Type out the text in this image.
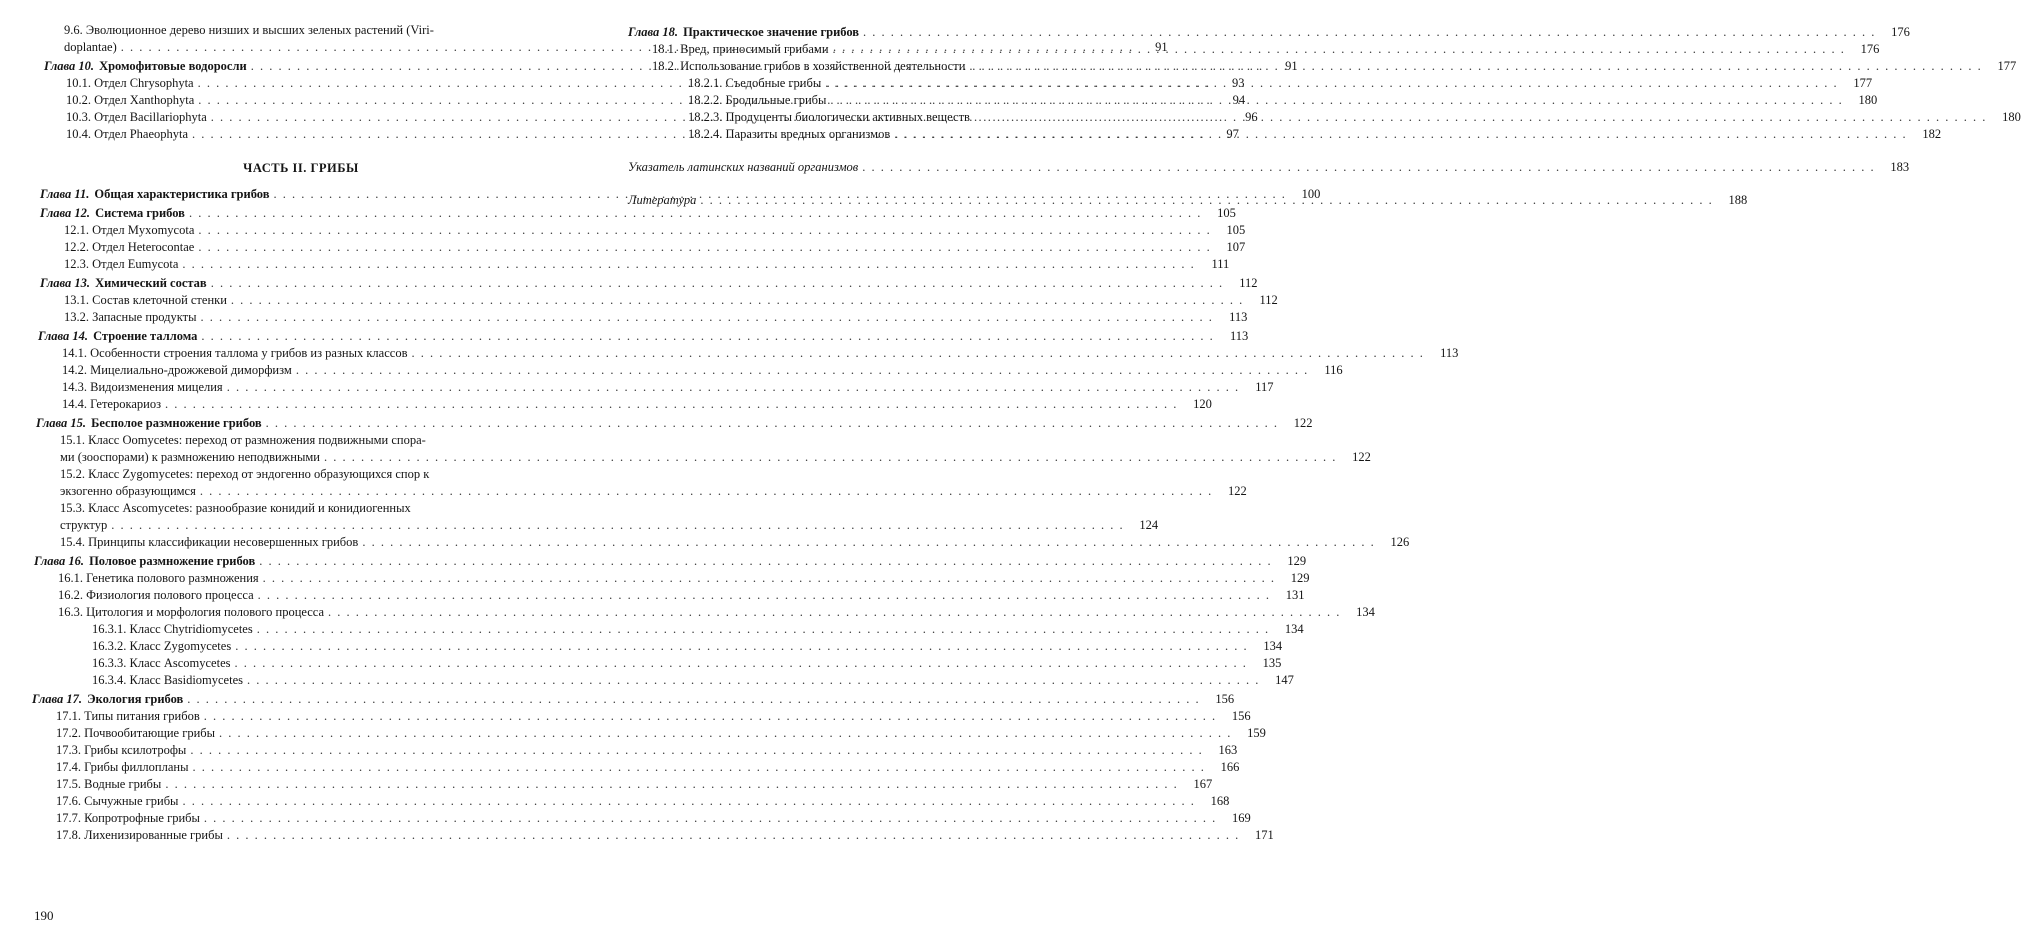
9.6. Эволюционное дерево низших и высших зеленых растений (Viri-
doplantae)
. . .	91
Глава 10. Хромофитовые водоросли
. . .	91
10.1. Отдел Chrysophyta
. . .	93
10.2. Отдел Xanthophyta
. . .	94
10.3. Отдел Bacillariophyta
. . .	96
10.4. Отдел Phaeophyta
. . .	97
ЧАСТЬ II. ГРИБЫ
Глава 11. Общая характеристика грибов
. . .	100
Глава 12. Система грибов
. . .	105
12.1. Отдел Myxomycota
. . .	105
12.2. Отдел Heterocontae
. . .	107
12.3. Отдел Eumycota
. . .	111
Глава 13. Химический состав
. . .	112
13.1. Состав клеточной стенки
. . .	112
13.2. Запасные продукты
. . .	113
Глава 14. Строение таллома
. . .	113
14.1. Особенности строения таллома у грибов из разных классов
. . .	113
14.2. Мицелиально-дрожжевой диморфизм
. . .	116
14.3. Видоизменения мицелия
. . .	117
14.4. Гетерокариоз
. . .	120
Глава 15. Бесполое размножение грибов
. . .	122
15.1. Класс Oomycetes: переход от размножения подвижными спора-
ми (зооспорами) к размножению неподвижными
. . .	122
15.2. Класс Zygomycetes: переход от эндогенно образующихся спор к
экзогенно образующимся
. . .	122
15.3. Класс Ascomycetes: разнообразие конидий и конидиогенных
структур
. . .	124
15.4. Принципы классификации несовершенных грибов
. . .	126
Глава 16. Половое размножение грибов
. . .	129
16.1. Генетика полового размножения
. . .	129
16.2. Физиология полового процесса
. . .	131
16.3. Цитология и морфология полового процесса
. . .	134
16.3.1. Класс Chytridiomycetes
. . .	134
16.3.2. Класс Zygomycetes
. . .	134
16.3.3. Класс Ascomycetes
. . .	135
16.3.4. Класс Basidiomycetes
. . .	147
Глава 17. Экология грибов
. . .	156
17.1. Типы питания грибов
. . .	156
17.2. Почвообитающие грибы
. . .	159
17.3. Грибы ксилотрофы
. . .	163
17.4. Грибы филлопланы
. . .	166
17.5. Водные грибы
. . .	167
17.6. Сычужные грибы
. . .	168
17.7. Копротрофные грибы
. . .	169
17.8. Лихенизированные грибы
. . .	171
Глава 18. Практическое значение грибов
. . .	176
18.1. Вред, приносимый грибами
. . .	176
18.2. Использование грибов в хозяйственной деятельности
. . .	177
18.2.1. Съедобные грибы
. . .	177
18.2.2. Бродильные грибы
. . .	180
18.2.3. Продуценты биологически активных веществ
. . .	180
18.2.4. Паразиты вредных организмов
. . .	182
Указатель латинских названий организмов
. . .	183
Литература
. . .	188
190
